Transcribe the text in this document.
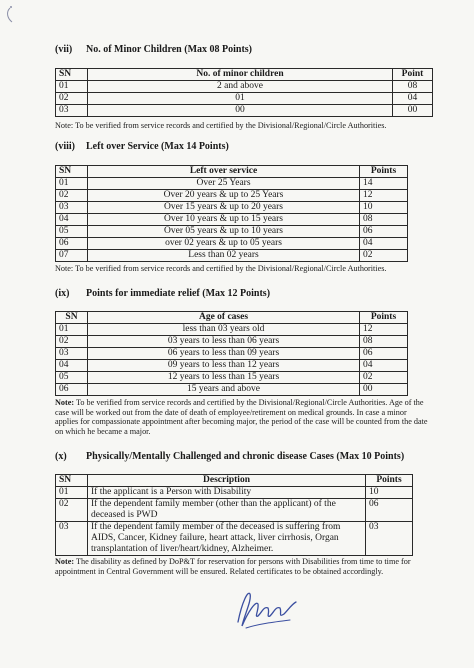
(vii) No. of Minor Children (Max 08 Points)
SN	No. of minor children	Point
01	2 and above	08
02	01	04
03	00	00
Note: To be verified from service records and certified by the Divisional/Regional/Circle Authorities.
(viii) Left over Service (Max 14 Points)
SN	Left over service	Points
01	Over 25 Years	14
02	Over 20 years & up to 25 Years	12
03	Over 15 years & up to 20 years	10
04	Over 10 years & up to 15 years	08
05	Over 05 years & up to 10 years	06
06	over 02 years & up to 05 years	04
07	Less than 02 years	02
Note: To be verified from service records and certified by the Divisional/Regional/Circle Authorities.
(ix) Points for immediate relief (Max 12 Points)
SN	Age of cases	Points
01	less than 03 years old	12
02	03 years to less than 06 years	08
03	06 years to less than 09 years	06
04	09 years to less than 12 years	04
05	12 years to less than 15 years	02
06	15 years and above	00
Note: To be verified from service records and certified by the Divisional/Regional/Circle Authorities. Age of the case will be worked out from the date of death of employee/retirement on medical grounds. In case a minor applies for compassionate appointment after becoming major, the period of the case will be counted from the date on which he became a major.
(x) Physically/Mentally Challenged and chronic disease Cases (Max 10 Points)
SN	Description	Points
01	If the applicant is a Person with Disability	10
02	If the dependent family member (other than the applicant) of the deceased is PWD	06
03	If the dependent family member of the deceased is suffering from AIDS, Cancer, Kidney failure, heart attack, liver cirrhosis, Organ transplantation of liver/heart/kidney, Alzheimer.	03
Note: The disability as defined by DoP&T for reservation for persons with Disabilities from time to time for appointment in Central Government will be ensured. Related certificates to be obtained accordingly.
